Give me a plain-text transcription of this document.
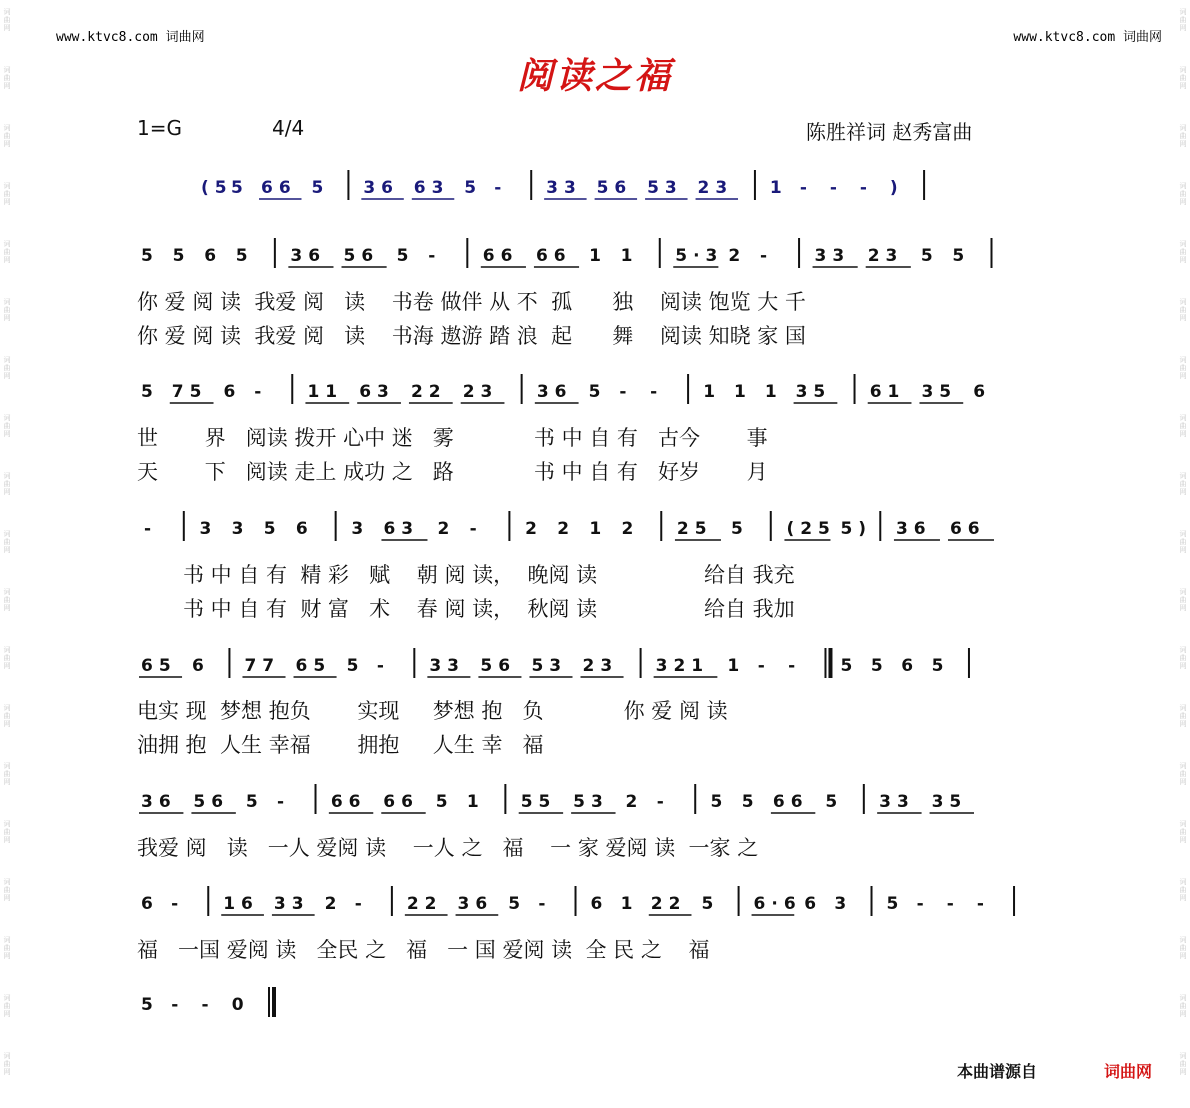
词曲网
词曲网
词曲网
词曲网
词曲网
词曲网
词曲网
词曲网
词曲网
词曲网
词曲网
词曲网
词曲网
词曲网
词曲网
词曲网
词曲网
词曲网
词曲网
词曲网
词曲网
词曲网
词曲网
词曲网
词曲网
词曲网
词曲网
词曲网
词曲网
词曲网
词曲网
词曲网
词曲网
词曲网
词曲网
词曲网
词曲网
词曲网
www.ktvc8.com 词曲网	www.ktvc8.com 词曲网
阅读之福
1=G	4/4	陈胜祥词 赵秀富曲
(5
5 66 5 36 63 5 - 33 56 53 23 1 - - - )
5 5 6 5 36 56 5 - 66 66 1 1 5·3 2 - 33 23 5 5
5 75 6 - 11 63 22 23 36 5 - - 1 1 1 35 61 35 6
- 3 3 5 6 3 63 2 - 2 2 1 2 25 5 (25 5) 36 66
65 6 77 65 5 - 33 56 53 23 321 1 - - 5 5 6 5
36 56 5 - 66 66 5 1 55 53 2 - 5 5 66 5 33 35
6 - 16 33 2 - 22 36 5 - 6 1 22 5 6·6 6 3 5 - - -
5 - - 0
你 爱 阅 读  我爱 阅   读    书卷 做伴 从 不  孤      独    阅读 饱览 大 千
你 爱 阅 读  我爱 阅   读    书海 遨游 踏 浪  起      舞    阅读 知晓 家 国
世       界   阅读 拨开 心中 迷   雾            书 中 自 有   古今       事
天       下   阅读 走上 成功 之   路            书 中 自 有   好岁       月
书 中 自 有  精 彩   赋    朝 阅 读，  晚阅 读                给自 我充
书 中 自 有  财 富   术    春 阅 读，  秋阅 读                给自 我加
电实 现  梦想 抱负       实现     梦想 抱   负            你 爱 阅 读
油拥 抱  人生 幸福       拥抱     人生 幸   福
我爱 阅   读   一人 爱阅 读    一人 之   福    一 家 爱阅 读  一家 之
福   一国 爱阅 读   全民 之   福   一 国 爱阅 读  全 民 之    福
本曲谱源自	词曲网
